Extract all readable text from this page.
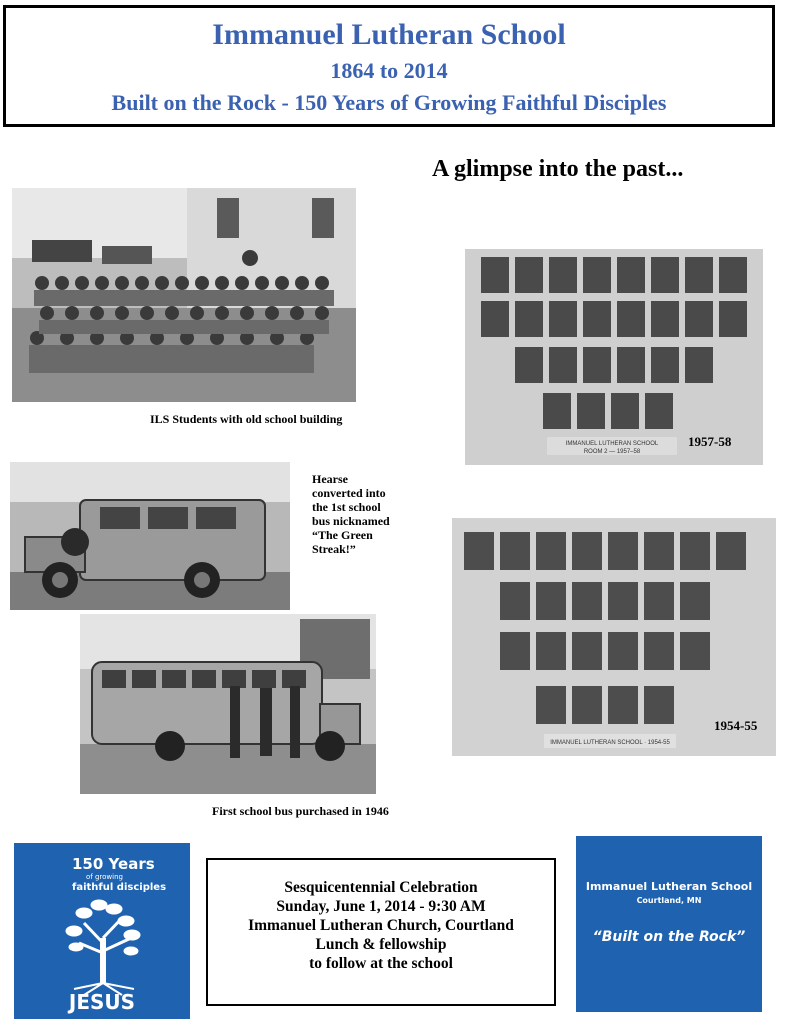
Immanuel Lutheran School
1864 to 2014
Built on the Rock - 150 Years of Growing Faithful Disciples
A glimpse into the past...
ILS Students with old school building
IMMANUEL LUTHERAN SCHOOL
ROOM 2 — 1957–58
1957-58
Hearse
converted into
the 1st school
bus nicknamed
“The Green
Streak!”
IMMANUEL LUTHERAN SCHOOL · 1954-55
1954-55
First school bus purchased in 1946
150 Years
of growing
faithful disciples
JESUS
Sesquicentennial Celebration
Sunday, June 1, 2014 - 9:30 AM
Immanuel Lutheran Church, Courtland
Lunch & fellowship
to follow at the school
Immanuel Lutheran School
Courtland, MN
“Built on the Rock”
